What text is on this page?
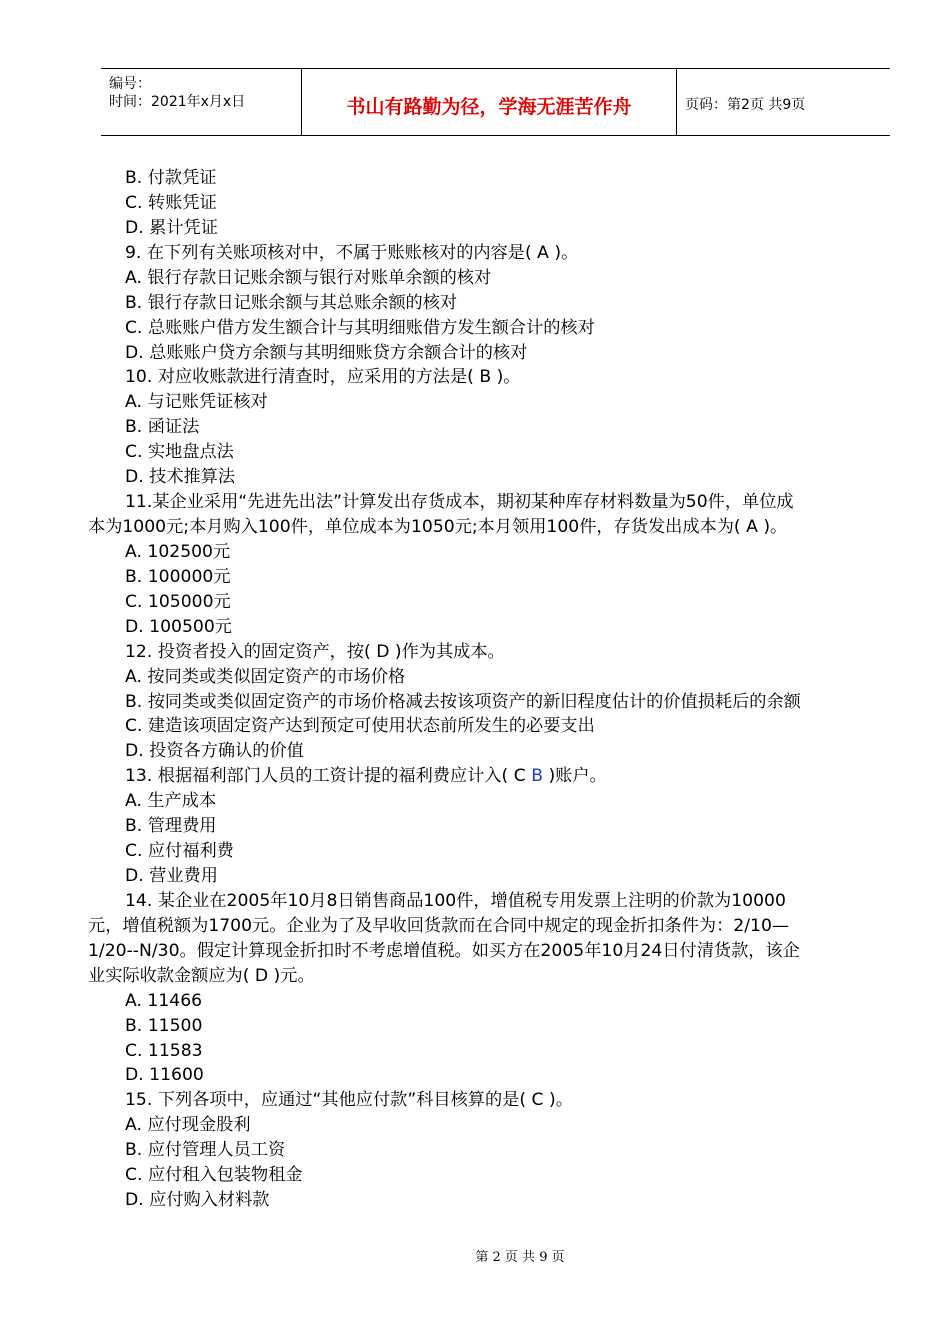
编号：
时间：2021年x月x日	书山有路勤为径，学海无涯苦作舟	页码：第2页 共9页
B. 付款凭证
C. 转账凭证
D. 累计凭证
9. 在下列有关账项核对中，不属于账账核对的内容是( A )。
A. 银行存款日记账余额与银行对账单余额的核对
B. 银行存款日记账余额与其总账余额的核对
C. 总账账户借方发生额合计与其明细账借方发生额合计的核对
D. 总账账户贷方余额与其明细账贷方余额合计的核对
10. 对应收账款进行清查时，应采用的方法是( B )。
A. 与记账凭证核对
B. 函证法
C. 实地盘点法
D. 技术推算法
11.某企业采用“先进先出法”计算发出存货成本，期初某种库存材料数量为50件，单位成
本为1000元;本月购入100件，单位成本为1050元;本月领用100件，存货发出成本为( A )。
A. 102500元
B. 100000元
C. 105000元
D. 100500元
12. 投资者投入的固定资产，按( D )作为其成本。
A. 按同类或类似固定资产的市场价格
B. 按同类或类似固定资产的市场价格减去按该项资产的新旧程度估计的价值损耗后的余额
C. 建造该项固定资产达到预定可使用状态前所发生的必要支出
D. 投资各方确认的价值
13. 根据福利部门人员的工资计提的福利费应计入( C B )账户。
A. 生产成本
B. 管理费用
C. 应付福利费
D. 营业费用
14. 某企业在2005年10月8日销售商品100件，增值税专用发票上注明的价款为10000
元，增值税额为1700元。企业为了及早收回货款而在合同中规定的现金折扣条件为：2/10—
1/20--N/30。假定计算现金折扣时不考虑增值税。如买方在2005年10月24日付清货款，该企
业实际收款金额应为( D )元。
A. 11466
B. 11500
C. 11583
D. 11600
15. 下列各项中，应通过“其他应付款”科目核算的是( C )。
A. 应付现金股利
B. 应付管理人员工资
C. 应付租入包装物租金
D. 应付购入材料款
第 2 页 共 9 页
